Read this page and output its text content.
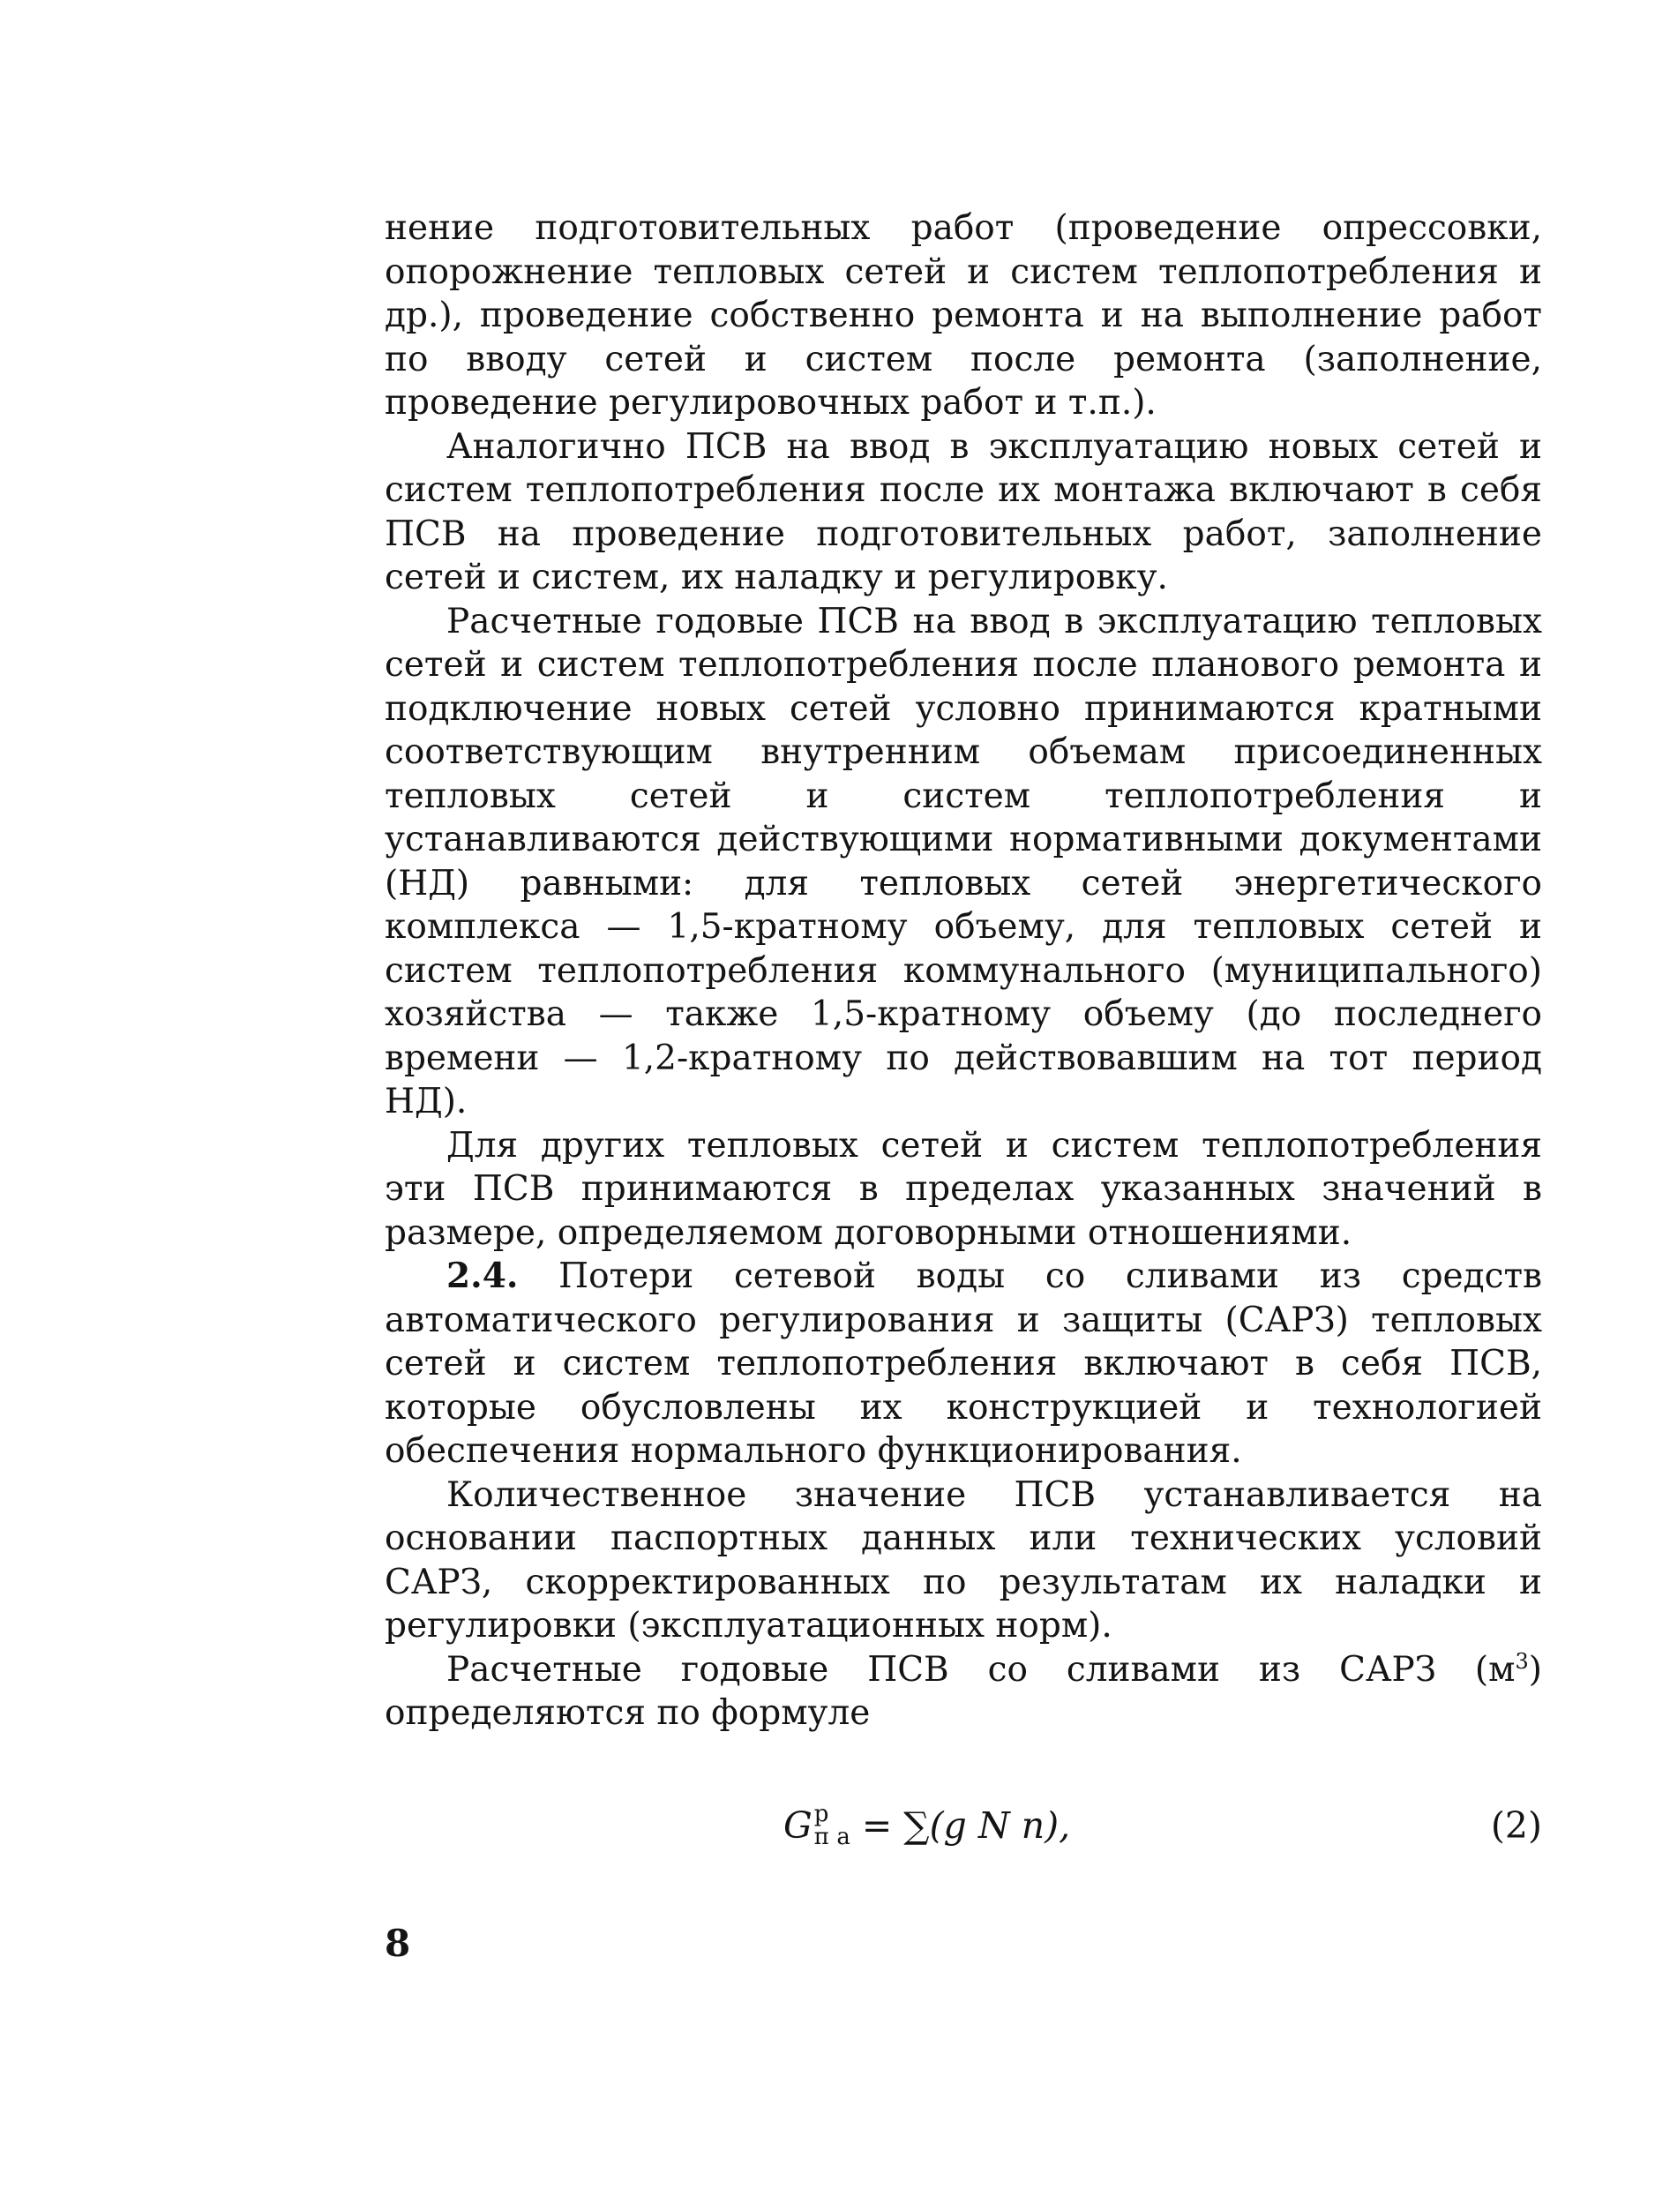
нение подготовительных работ (проведение опрессовки, опорожнение тепловых сетей и систем теплопотребления и др.), проведение собственно ремонта и на выполнение работ по вводу сетей и систем после ремонта (заполнение, проведение регулировочных работ и т.п.).

Аналогично ПСВ на ввод в эксплуатацию новых сетей и систем теплопотребления после их монтажа включают в себя ПСВ на проведение подготовительных работ, заполнение сетей и систем, их наладку и регулировку.

Расчетные годовые ПСВ на ввод в эксплуатацию тепловых сетей и систем теплопотребления после планового ремонта и подключение новых сетей условно принимаются кратными соответствующим внутренним объемам присоединенных тепловых сетей и систем теплопотребления и устанавливаются действующими нормативными документами (НД) равными: для тепловых сетей энергетического комплекса — 1,5-кратному объему, для тепловых сетей и систем теплопотребления коммунального (муниципального) хозяйства — также 1,5-кратному объему (до последнего времени — 1,2-кратному по действовавшим на тот период НД).

Для других тепловых сетей и систем теплопотребления эти ПСВ принимаются в пределах указанных значений в размере, определяемом договорными отношениями.

2.4. Потери сетевой воды со сливами из средств автоматического регулирования и защиты (САРЗ) тепловых сетей и систем теплопотребления включают в себя ПСВ, которые обусловлены их конструкцией и технологией обеспечения нормального функционирования.

Количественное значение ПСВ устанавливается на основании паспортных данных или технических условий САРЗ, скорректированных по результатам их наладки и регулировки (эксплуатационных норм).

Расчетные годовые ПСВ со сливами из САРЗ $(м^3)$ определяются по формуле

G р
п а = ∑(g N n),	(2)
8
